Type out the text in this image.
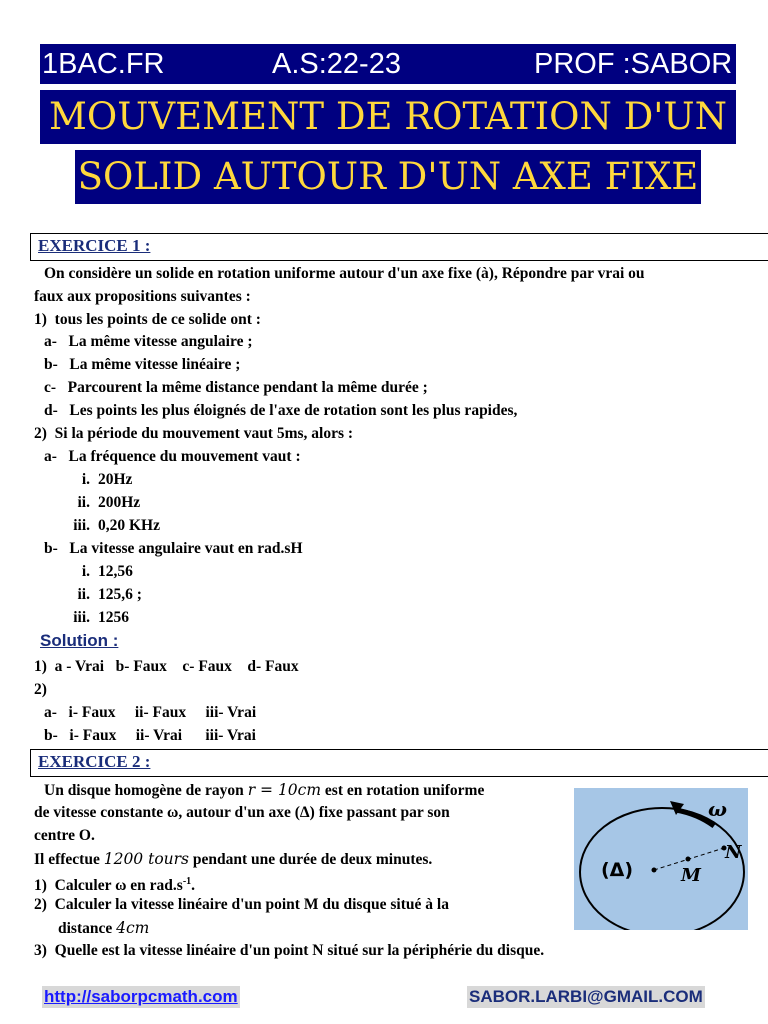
1BAC.FR	A.S:22-23	PROF :SABOR
MOUVEMENT DE ROTATION D'UN
SOLID AUTOUR D'UN AXE FIXE
EXERCICE 1 :
On considère un solide en rotation uniforme autour d'un axe fixe (à), Répondre par vrai ou
faux aux propositions suivantes :
1) tous les points de ce solide ont :
a- La même vitesse angulaire ;
b- La même vitesse linéaire ;
c- Parcourent la même distance pendant la même durée ;
d- Les points les plus éloignés de l'axe de rotation sont les plus rapides,
2) Si la période du mouvement vaut 5ms, alors :
a- La fréquence du mouvement vaut :
i. 20Hz
ii. 200Hz
iii. 0,20 KHz
b- La vitesse angulaire vaut en rad.sH
i. 12,56
ii. 125,6 ;
iii. 1256
Solution :
1) a - Vrai   b- Faux    c- Faux    d- Faux
2)
a- i- Faux     ii- Faux     iii- Vrai
b- i- Faux     ii- Vrai      iii- Vrai
EXERCICE 2 :
Un disque homogène de rayon r = 10cm est en rotation uniforme
de vitesse constante ω, autour d'un axe (Δ) fixe passant par son
centre O.
Il effectue 1200 tours pendant une durée de deux minutes.
1) Calculer ω en $rad.s^{-1}$.
2) Calculer la vitesse linéaire d'un point M du disque situé à la
distance 4cm
3) Quelle est la vitesse linéaire d'un point N situé sur la périphérie du disque.
ω
(Δ)	M
N
http://saborpcmath.com	SABOR.LARBI@GMAIL.COM
